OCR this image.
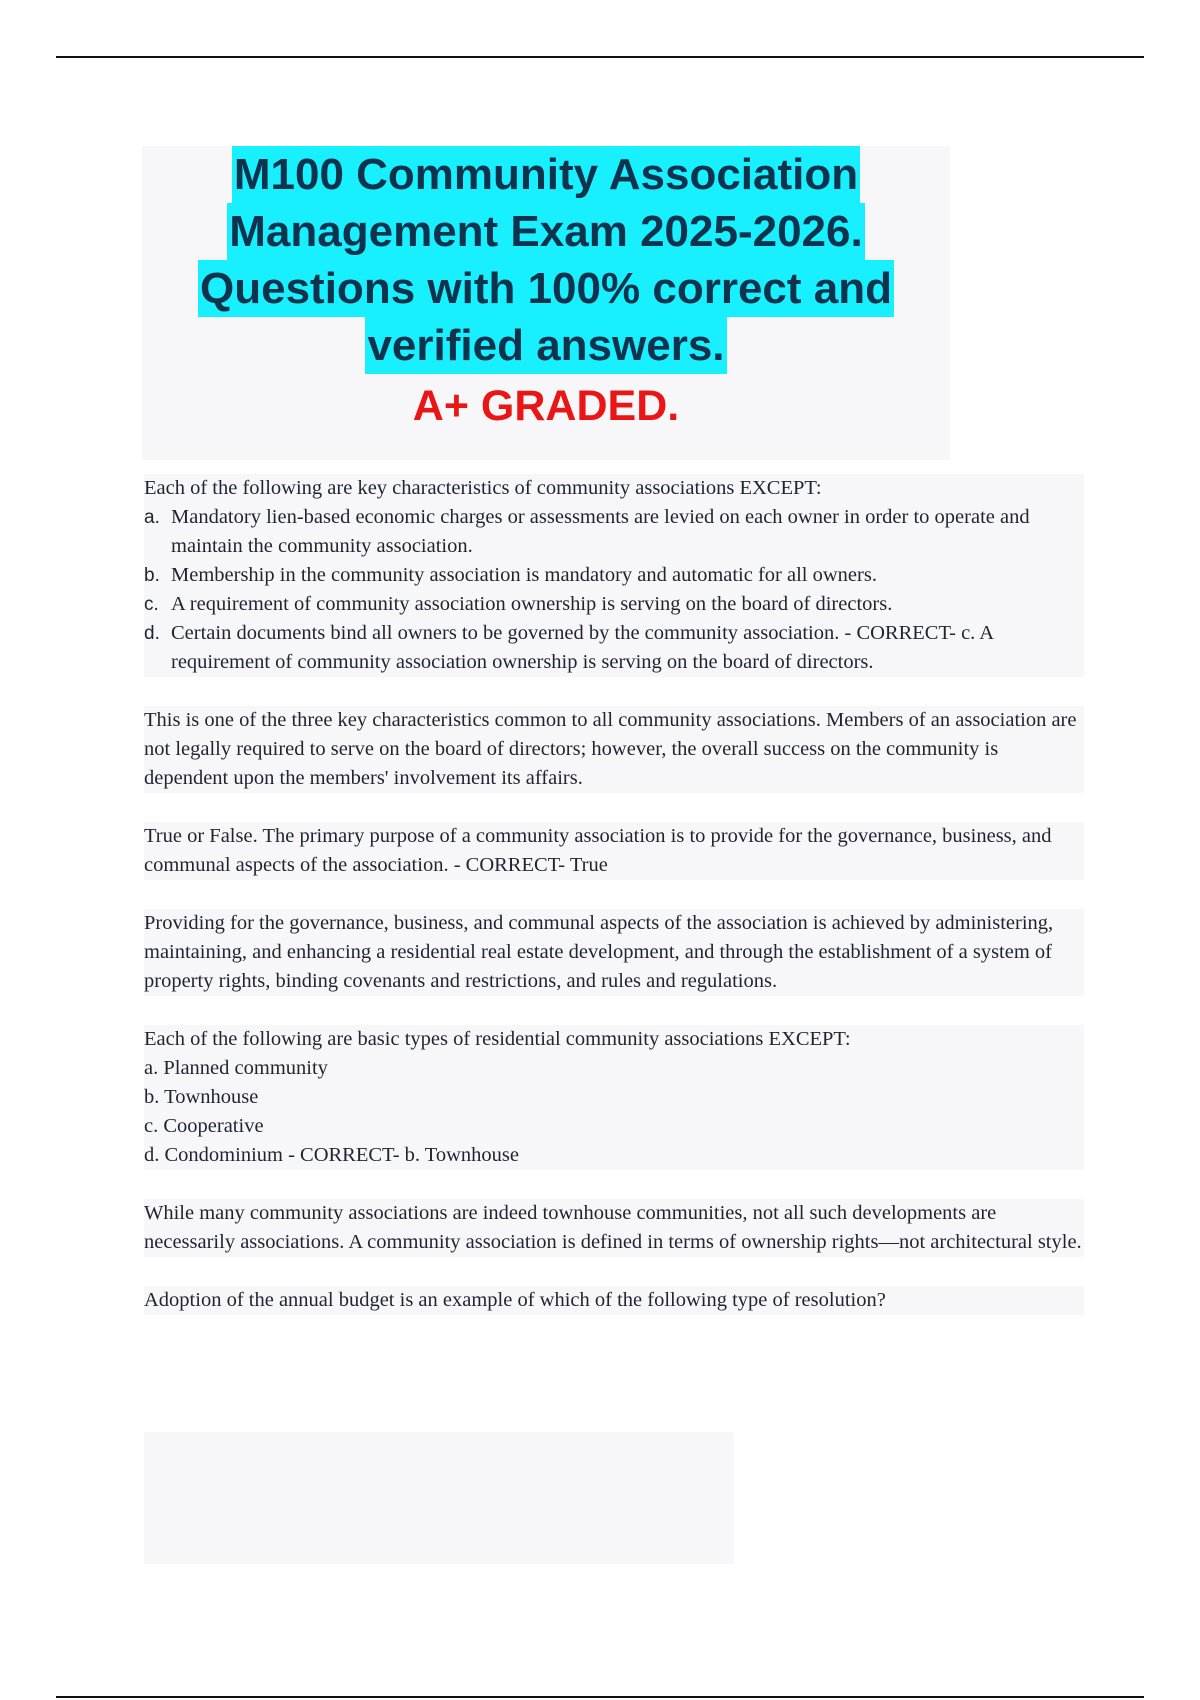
M100 Community Association
Management Exam 2025-2026.
Questions with 100% correct and
verified answers.
A+ GRADED.
Each of the following are key characteristics of community associations EXCEPT:
a. Mandatory lien-based economic charges or assessments are levied on each owner in order to operate and maintain the community association.
b. Membership in the community association is mandatory and automatic for all owners.
c. A requirement of community association ownership is serving on the board of directors.
d. Certain documents bind all owners to be governed by the community association. - CORRECT- c. A requirement of community association ownership is serving on the board of directors.
This is one of the three key characteristics common to all community associations. Members of an association are not legally required to serve on the board of directors; however, the overall success on the community is dependent upon the members' involvement its affairs.
True or False. The primary purpose of a community association is to provide for the governance, business, and communal aspects of the association. - CORRECT- True
Providing for the governance, business, and communal aspects of the association is achieved by administering, maintaining, and enhancing a residential real estate development, and through the establishment of a system of property rights, binding covenants and restrictions, and rules and regulations.
Each of the following are basic types of residential community associations EXCEPT:
a. Planned community
b. Townhouse
c. Cooperative
d. Condominium - CORRECT- b. Townhouse
While many community associations are indeed townhouse communities, not all such developments are necessarily associations. A community association is defined in terms of ownership rights—not architectural style.
Adoption of the annual budget is an example of which of the following type of resolution?
